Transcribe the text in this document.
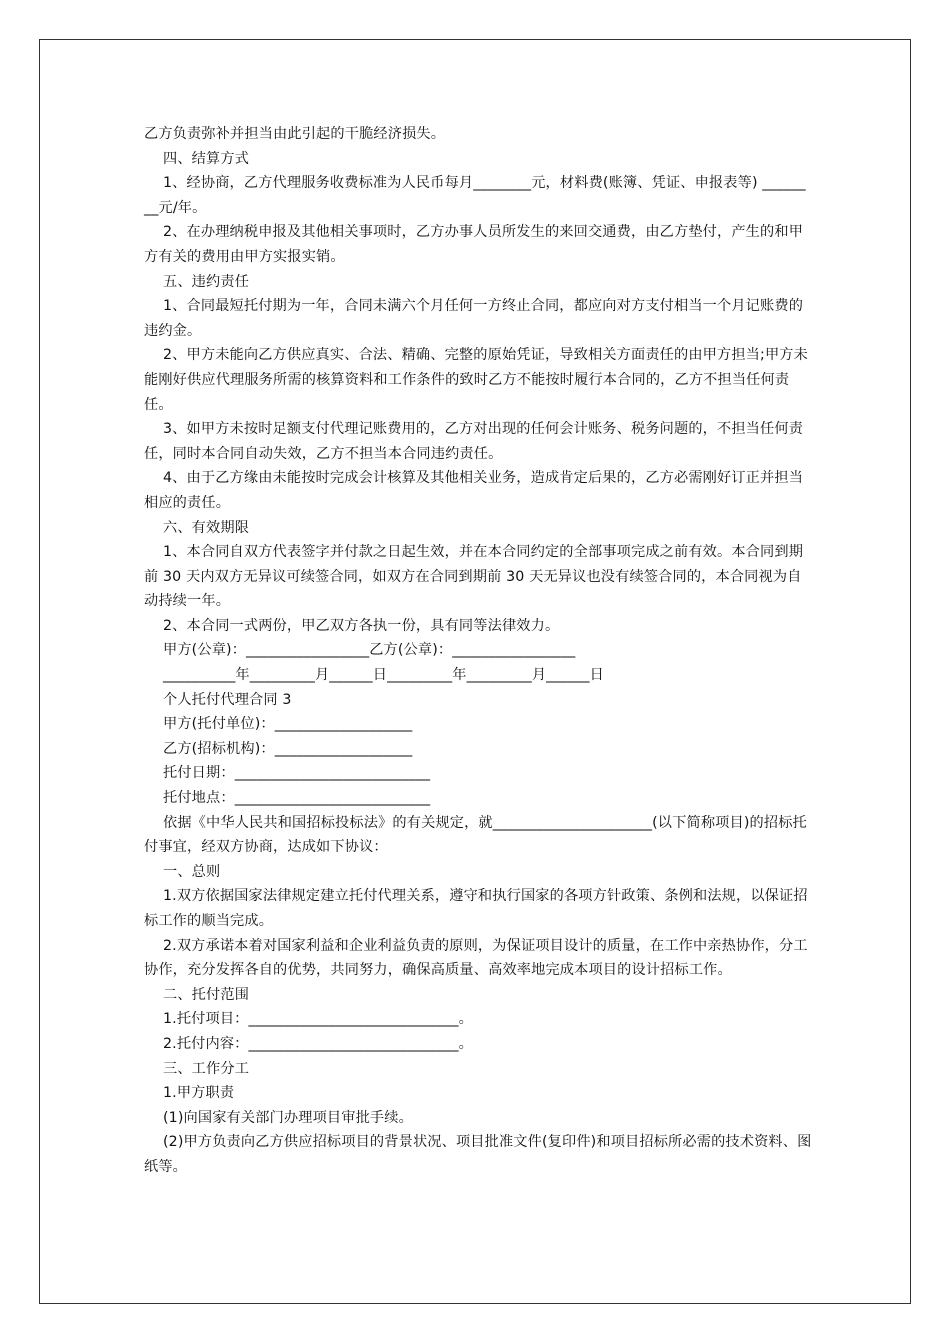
乙方负责弥补并担当由此引起的干脆经济损失。

四、结算方式

1、经协商，乙方代理服务收费标准为人民币每月________元，材料费(账簿、凭证、申报表等) ________元/年。

2、在办理纳税申报及其他相关事项时，乙方办事人员所发生的来回交通费，由乙方垫付，产生的和甲方有关的费用由甲方实报实销。

五、违约责任

1、合同最短托付期为一年，合同未满六个月任何一方终止合同，都应向对方支付相当一个月记账费的违约金。

2、甲方未能向乙方供应真实、合法、精确、完整的原始凭证，导致相关方面责任的由甲方担当;甲方未能刚好供应代理服务所需的核算资料和工作条件的致时乙方不能按时履行本合同的，乙方不担当任何责任。

3、如甲方未按时足额支付代理记账费用的，乙方对出现的任何会计账务、税务问题的，不担当任何责任，同时本合同自动失效，乙方不担当本合同违约责任。

4、由于乙方缘由未能按时完成会计核算及其他相关业务，造成肯定后果的，乙方必需刚好订正并担当相应的责任。

六、有效期限

1、本合同自双方代表签字并付款之日起生效，并在本合同约定的全部事项完成之前有效。本合同到期前 30 天内双方无异议可续签合同，如双方在合同到期前 30 天无异议也没有续签合同的，本合同视为自动持续一年。

2、本合同一式两份，甲乙双方各执一份，具有同等法律效力。

甲方(公章)：_________________乙方(公章)：_________________

__________年_________月______日_________年_________月______日

个人托付代理合同 3

甲方(托付单位)：___________________

乙方(招标机构)：___________________

托付日期：___________________________

托付地点：___________________________

依据《中华人民共和国招标投标法》的有关规定，就______________________(以下简称项目)的招标托付事宜，经双方协商，达成如下协议：

一、总则

1.双方依据国家法律规定建立托付代理关系，遵守和执行国家的各项方针政策、条例和法规，以保证招标工作的顺当完成。

2.双方承诺本着对国家利益和企业利益负责的原则，为保证项目设计的质量，在工作中亲热协作，分工协作，充分发挥各自的优势，共同努力，确保高质量、高效率地完成本项目的设计招标工作。

二、托付范围

1.托付项目：_____________________________。

2.托付内容：_____________________________。

三、工作分工

1.甲方职责

(1)向国家有关部门办理项目审批手续。

(2)甲方负责向乙方供应招标项目的背景状况、项目批准文件(复印件)和项目招标所必需的技术资料、图纸等。
